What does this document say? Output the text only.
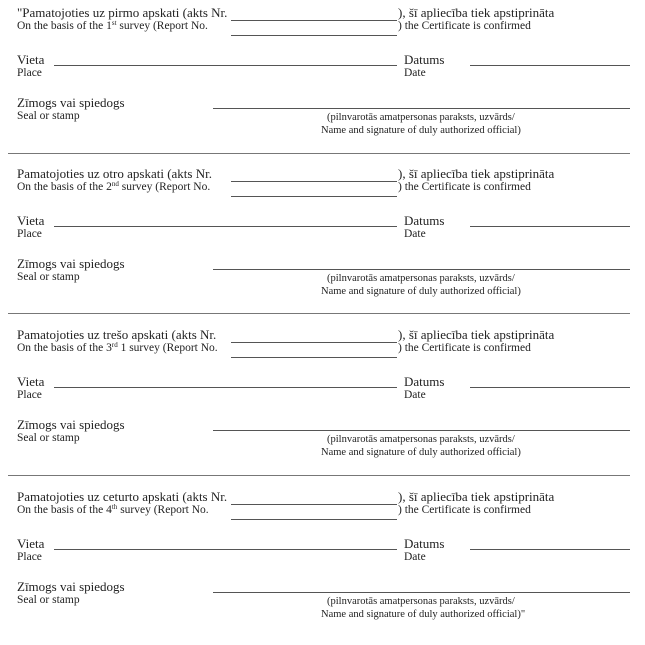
"Pamatojoties uz pirmo apskati (akts Nr.	), šī apliecība tiek apstiprināta
On the basis of the 1st survey (Report No.	) the Certificate is confirmed
Vieta
Place
Datums
Date
Zīmogs vai spiedogs
Seal or stamp	(pilnvarotās amatpersonas paraksts, uzvārds/
Name and signature of duly authorized official)
Pamatojoties uz otro apskati (akts Nr.	), šī apliecība tiek apstiprināta
On the basis of the 2nd survey (Report No.	) the Certificate is confirmed
Vieta
Place
Datums
Date
Zīmogs vai spiedogs
Seal or stamp	(pilnvarotās amatpersonas paraksts, uzvārds/
Name and signature of duly authorized official)
Pamatojoties uz trešo apskati (akts Nr.	), šī apliecība tiek apstiprināta
On the basis of the 3rd 1 survey (Report No.	) the Certificate is confirmed
Vieta
Place
Datums
Date
Zīmogs vai spiedogs
Seal or stamp	(pilnvarotās amatpersonas paraksts, uzvārds/
Name and signature of duly authorized official)
Pamatojoties uz ceturto apskati (akts Nr.	), šī apliecība tiek apstiprināta
On the basis of the 4th survey (Report No.	) the Certificate is confirmed
Vieta
Place
Datums
Date
Zīmogs vai spiedogs
Seal or stamp	(pilnvarotās amatpersonas paraksts, uzvārds/
Name and signature of duly authorized official)"
